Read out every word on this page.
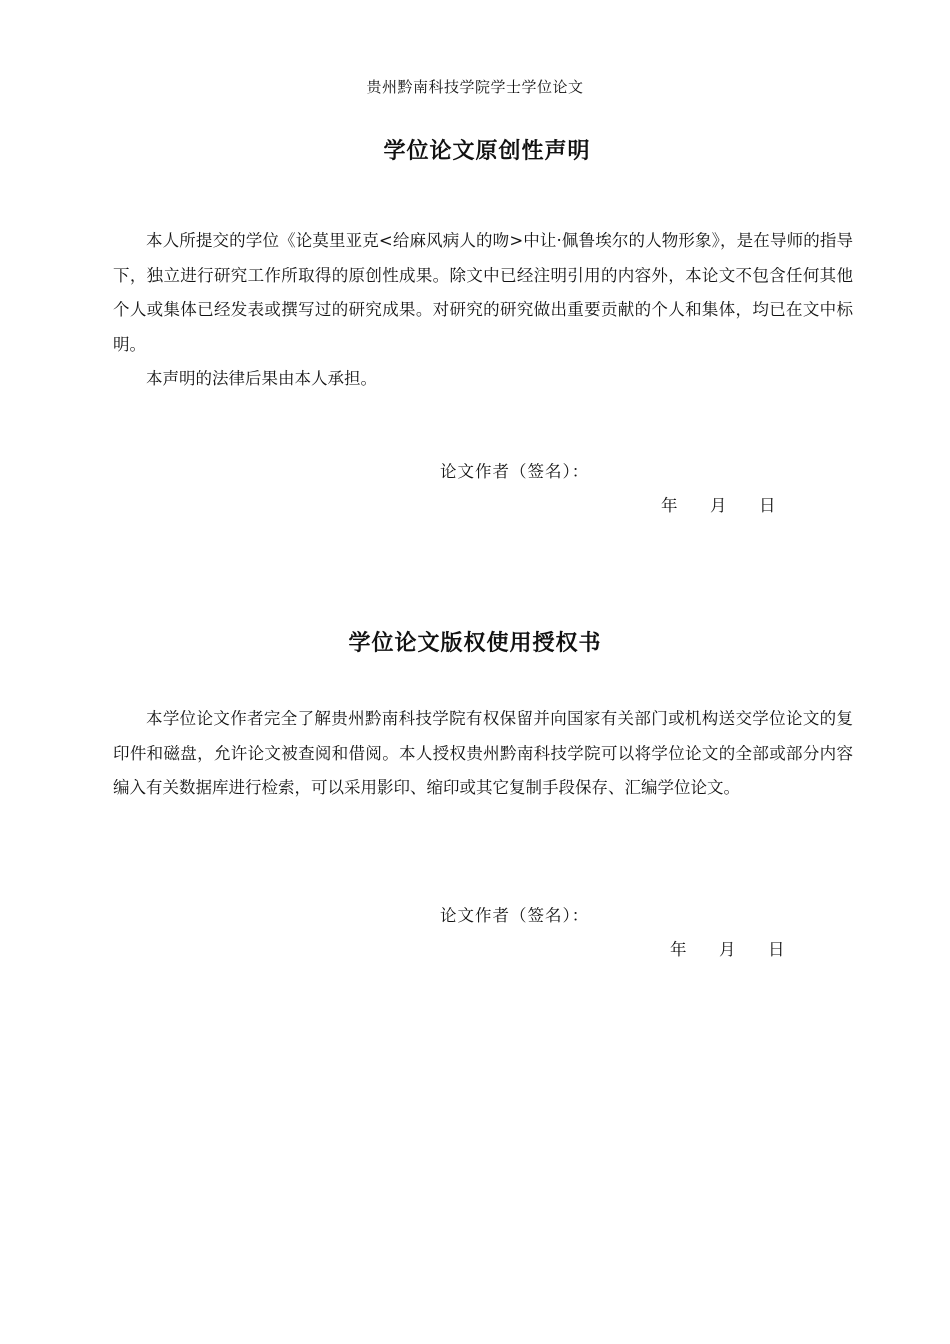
贵州黔南科技学院学士学位论文
学位论文原创性声明

本人所提交的学位《论莫里亚克<给麻风病人的吻>中让·佩鲁埃尔的人物形象》，是在导师的指导下，独立进行研究工作所取得的原创性成果。除文中已经注明引用的内容外，本论文不包含任何其他个人或集体已经发表或撰写过的研究成果。对研究的研究做出重要贡献的个人和集体，均已在文中标明。

本声明的法律后果由本人承担。

论文作者（签名）：
年	月	日
学位论文版权使用授权书

本学位论文作者完全了解贵州黔南科技学院有权保留并向国家有关部门或机构送交学位论文的复印件和磁盘，允许论文被查阅和借阅。本人授权贵州黔南科技学院可以将学位论文的全部或部分内容编入有关数据库进行检索，可以采用影印、缩印或其它复制手段保存、汇编学位论文。

论文作者（签名）：
年	月	日
